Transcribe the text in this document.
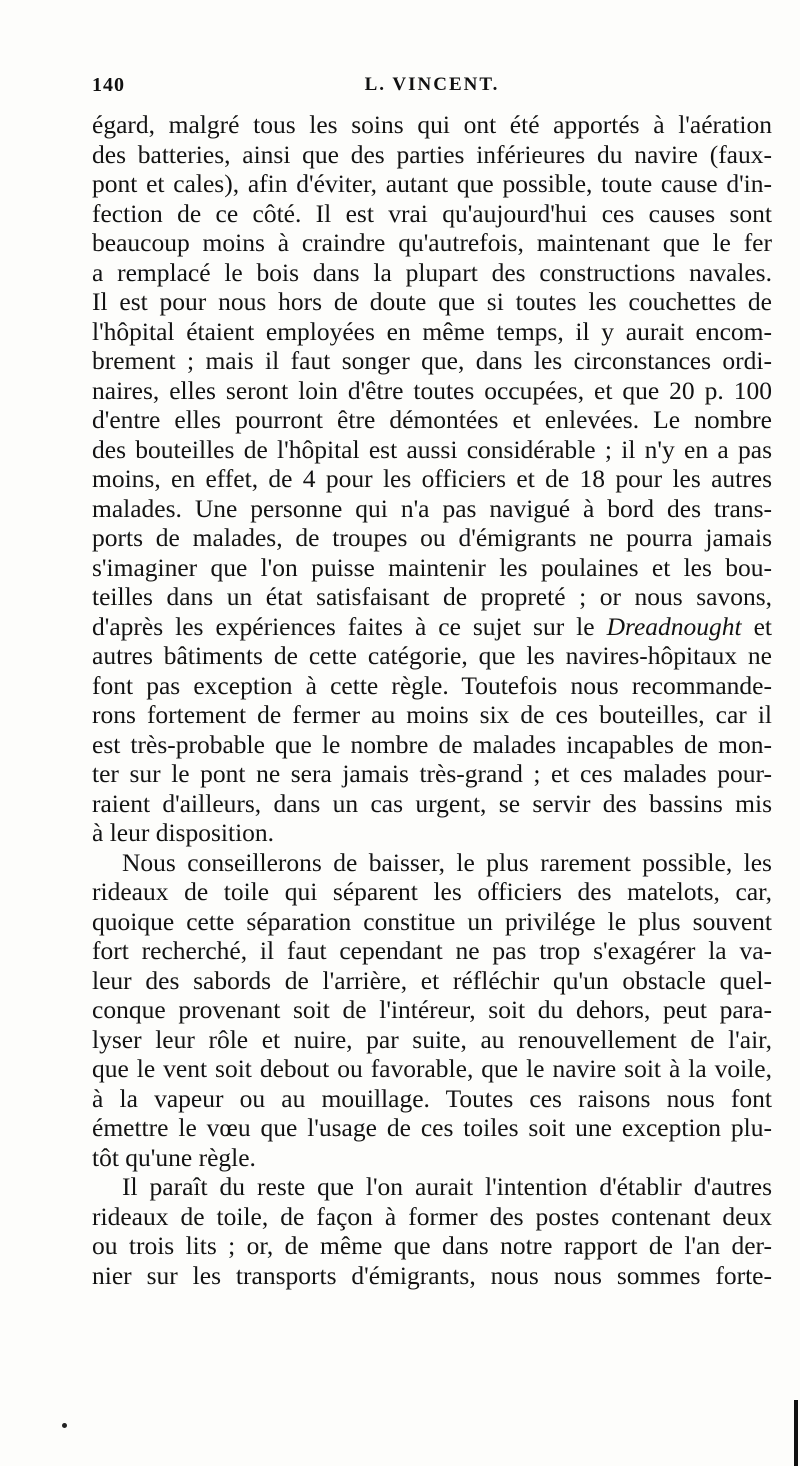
140	L. VINCENT.
égard, malgré tous les soins qui ont été apportés à l'aération
des batteries, ainsi que des parties inférieures du navire (faux-
pont et cales), afin d'éviter, autant que possible, toute cause d'in-
fection de ce côté. Il est vrai qu'aujourd'hui ces causes sont
beaucoup moins à craindre qu'autrefois, maintenant que le fer
a remplacé le bois dans la plupart des constructions navales.
Il est pour nous hors de doute que si toutes les couchettes de
l'hôpital étaient employées en même temps, il y aurait encom-
brement ; mais il faut songer que, dans les circonstances ordi-
naires, elles seront loin d'être toutes occupées, et que 20 p. 100
d'entre elles pourront être démontées et enlevées. Le nombre
des bouteilles de l'hôpital est aussi considérable ; il n'y en a pas
moins, en effet, de 4 pour les officiers et de 18 pour les autres
malades. Une personne qui n'a pas navigué à bord des trans-
ports de malades, de troupes ou d'émigrants ne pourra jamais
s'imaginer que l'on puisse maintenir les poulaines et les bou-
teilles dans un état satisfaisant de propreté ; or nous savons,
d'après les expériences faites à ce sujet sur le Dreadnought et
autres bâtiments de cette catégorie, que les navires-hôpitaux ne
font pas exception à cette règle. Toutefois nous recommande-
rons fortement de fermer au moins six de ces bouteilles, car il
est très-probable que le nombre de malades incapables de mon-
ter sur le pont ne sera jamais très-grand ; et ces malades pour-
raient d'ailleurs, dans un cas urgent, se servir des bassins mis
à leur disposition.
Nous conseillerons de baisser, le plus rarement possible, les
rideaux de toile qui séparent les officiers des matelots, car,
quoique cette séparation constitue un privilége le plus souvent
fort recherché, il faut cependant ne pas trop s'exagérer la va-
leur des sabords de l'arrière, et réfléchir qu'un obstacle quel-
conque provenant soit de l'intéreur, soit du dehors, peut para-
lyser leur rôle et nuire, par suite, au renouvellement de l'air,
que le vent soit debout ou favorable, que le navire soit à la voile,
à la vapeur ou au mouillage. Toutes ces raisons nous font
émettre le vœu que l'usage de ces toiles soit une exception plu-
tôt qu'une règle.
Il paraît du reste que l'on aurait l'intention d'établir d'autres
rideaux de toile, de façon à former des postes contenant deux
ou trois lits ; or, de même que dans notre rapport de l'an der-
nier sur les transports d'émigrants, nous nous sommes forte-
